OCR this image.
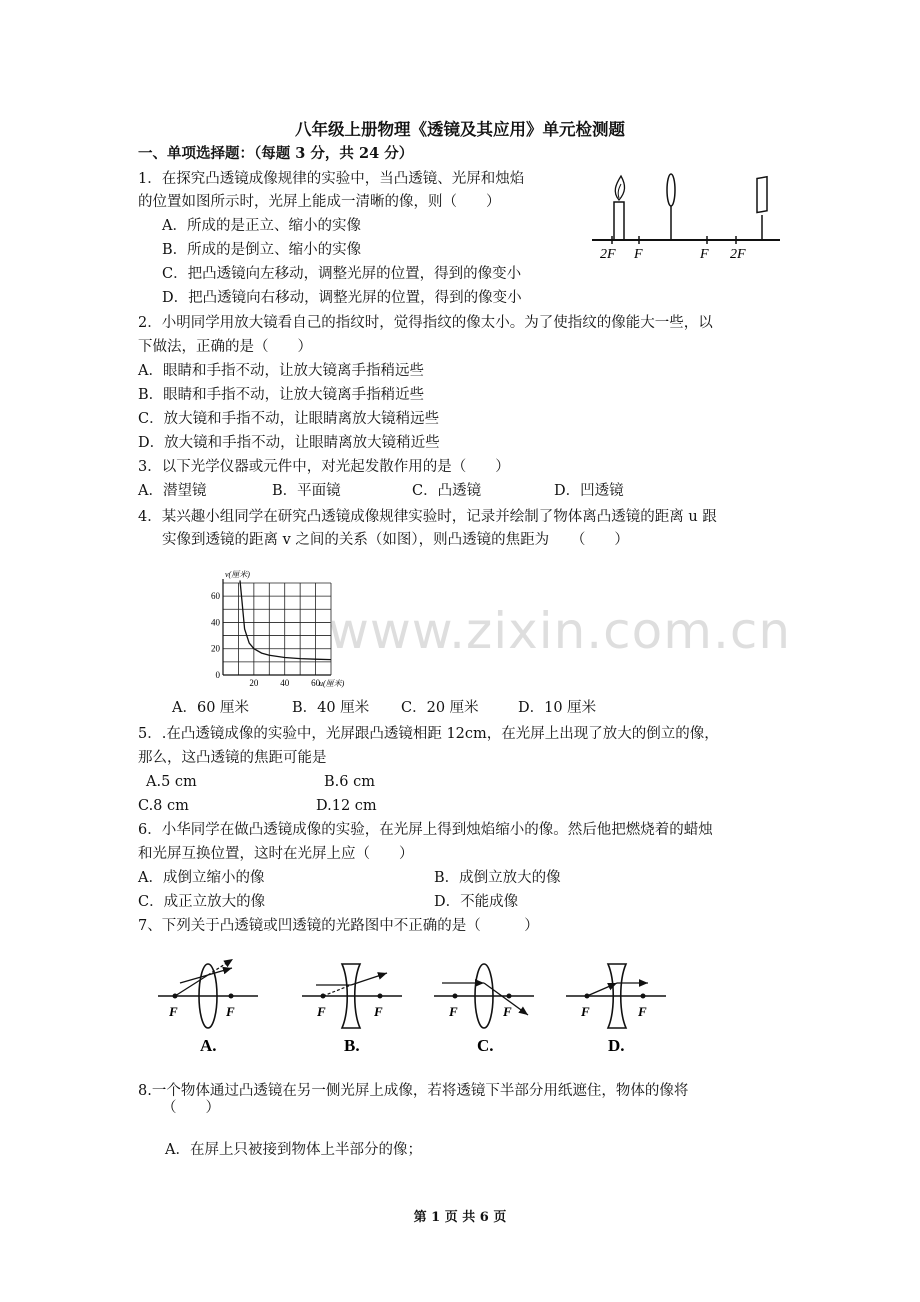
八年级上册物理《透镜及其应用》单元检测题
一、单项选择题：（每题 3 分，共 24 分）
1．在探究凸透镜成像规律的实验中，当凸透镜、光屏和烛焰
的位置如图所示时，光屏上能成一清晰的像，则（　　）
A．所成的是正立、缩小的实像
B．所成的是倒立、缩小的实像
C．把凸透镜向左移动，调整光屏的位置，得到的像变小
D．把凸透镜向右移动，调整光屏的位置，得到的像变小
2F F	F 2F
2．小明同学用放大镜看自己的指纹时，觉得指纹的像太小。为了使指纹的像能大一些，以
下做法，正确的是（　　）
A．眼睛和手指不动，让放大镜离手指稍远些
B．眼睛和手指不动，让放大镜离手指稍近些
C．放大镜和手指不动，让眼睛离放大镜稍远些
D．放大镜和手指不动，让眼睛离放大镜稍近些
3．以下光学仪器或元件中，对光起发散作用的是（　　）
A．潜望镜	B．平面镜	C．凸透镜	D．凹透镜
4．某兴趣小组同学在研究凸透镜成像规律实验时，记录并绘制了物体离凸透镜的距离 u 跟
实像到透镜的距离 v 之间的关系（如图），则凸透镜的焦距为　　（　　）
20 40 60
0
20
40
60
u(厘米)
v(厘米)
A．60 厘米	B．40 厘米 C．20 厘米	D．10 厘米
www.zixin.com.cn
5．.在凸透镜成像的实验中，光屏跟凸透镜相距 12cm，在光屏上出现了放大的倒立的像，
那么，这凸透镜的焦距可能是
A.5 cm	B.6 cm
C.8 cm	D.12 cm
6．小华同学在做凸透镜成像的实验，在光屏上得到烛焰缩小的像。然后他把燃烧着的蜡烛
和光屏互换位置，这时在光屏上应（　　）
A．成倒立缩小的像	B．成倒立放大的像
C．成正立放大的像	D．不能成像
7、下列关于凸透镜或凹透镜的光路图中不正确的是（　　　）
F	F
A.
F	F
B.
F	F
C.
F	F
D.
8.一个物体通过凸透镜在另一侧光屏上成像，若将透镜下半部分用纸遮住，物体的像将
（　　）
A．在屏上只被接到物体上半部分的像；
第 1 页 共 6 页
